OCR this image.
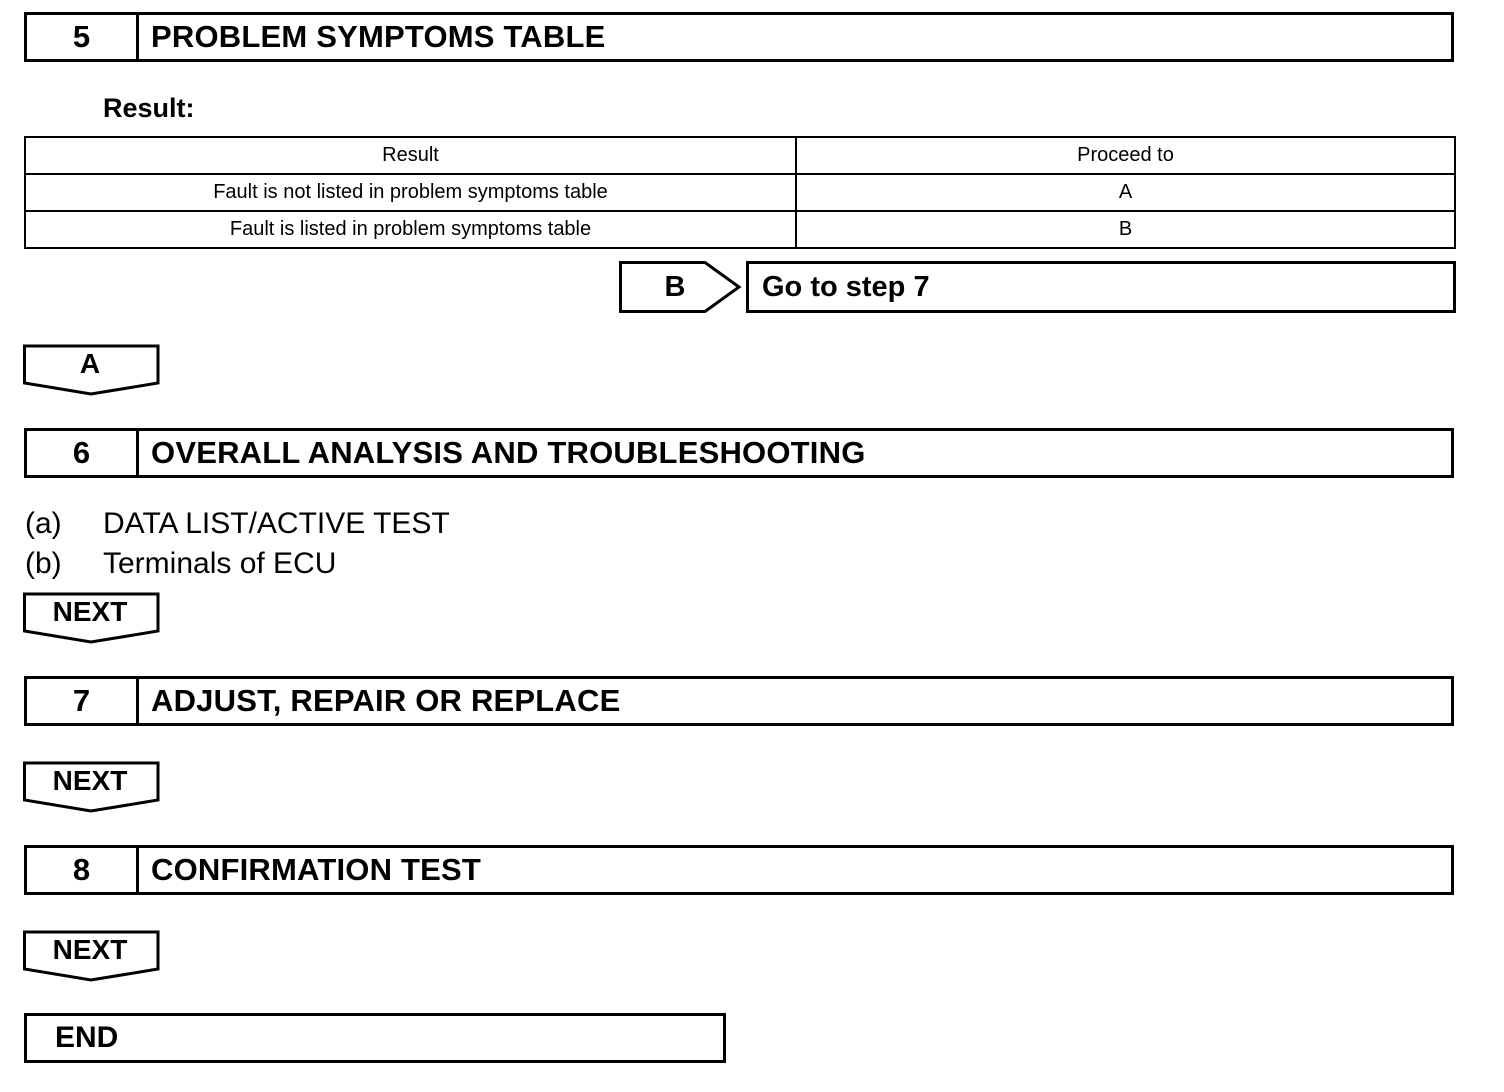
5	PROBLEM SYMPTOMS TABLE
Result:
Result	Proceed to
Fault is not listed in problem symptoms table	A
Fault is listed in problem symptoms table	B
B	Go to step 7
A
6	OVERALL ANALYSIS AND TROUBLESHOOTING
(a)	DATA LIST/ACTIVE TEST
(b)	Terminals of ECU
NEXT
7	ADJUST, REPAIR OR REPLACE
NEXT
8	CONFIRMATION TEST
NEXT
END
